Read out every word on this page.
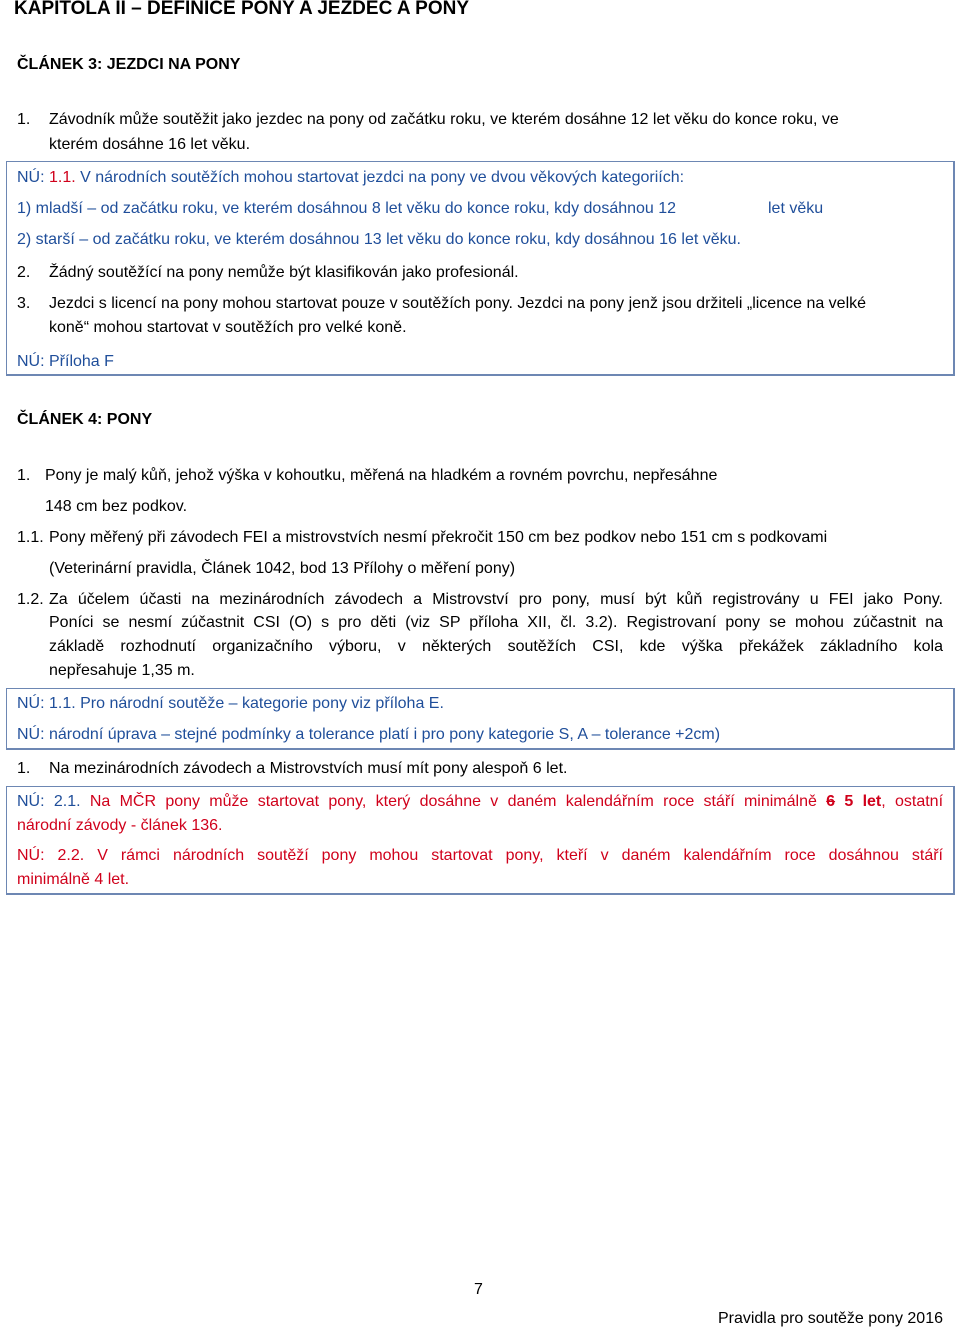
KAPITOLA II – DEFINICE PONY A JEZDEC A PONY
ČLÁNEK 3: JEZDCI NA PONY
1. Závodník může soutěžit jako jezdec na pony od začátku roku, ve kterém dosáhne 12 let věku do konce roku, ve
kterém dosáhne 16 let věku.
NÚ: 1.1. V národních soutěžích mohou startovat jezdci na pony ve dvou věkových kategoriích:
1) mladší – od začátku roku, ve kterém dosáhnou 8 let věku do konce roku, kdy dosáhnou 12	let věku
2) starší – od začátku roku, ve kterém dosáhnou 13 let věku do konce roku, kdy dosáhnou 16 let věku.
2. Žádný soutěžící na pony nemůže být klasifikován jako profesionál.
3. Jezdci s licencí na pony mohou startovat pouze v soutěžích pony. Jezdci na pony jenž jsou držiteli „licence na velké
koně“ mohou startovat v soutěžích pro velké koně.
NÚ: Příloha F
ČLÁNEK 4: PONY
1. Pony je malý kůň, jehož výška v kohoutku, měřená na hladkém a rovném povrchu, nepřesáhne
148 cm bez podkov.
1.1. Pony měřený při závodech FEI a mistrovstvích nesmí překročit 150 cm bez podkov nebo 151 cm s podkovami
(Veterinární pravidla, Článek 1042, bod 13 Přílohy o měření pony)
1.2. Za účelem účasti na mezinárodních závodech a Mistrovství pro pony, musí být kůň registrovány u FEI jako Pony.
Poníci se nesmí zúčastnit CSI (O) s pro děti (viz SP příloha XII, čl. 3.2). Registrovaní pony se mohou zúčastnit na
základě rozhodnutí organizačního výboru, v některých soutěžích CSI, kde výška překážek základního kola
nepřesahuje 1,35 m.
NÚ: 1.1. Pro národní soutěže – kategorie pony viz příloha E.
NÚ: národní úprava – stejné podmínky a tolerance platí i pro pony kategorie S, A – tolerance +2cm)
1. Na mezinárodních závodech a Mistrovstvích musí mít pony alespoň 6 let.
NÚ: 2.1. Na MČR pony může startovat pony, který dosáhne v daném kalendářním roce stáří minimálně 6 5 let, ostatní
národní závody - článek 136.
NÚ: 2.2. V rámci národních soutěží pony mohou startovat pony, kteří v daném kalendářním roce dosáhnou stáří
minimálně 4 let.
7
Pravidla pro soutěže pony 2016
